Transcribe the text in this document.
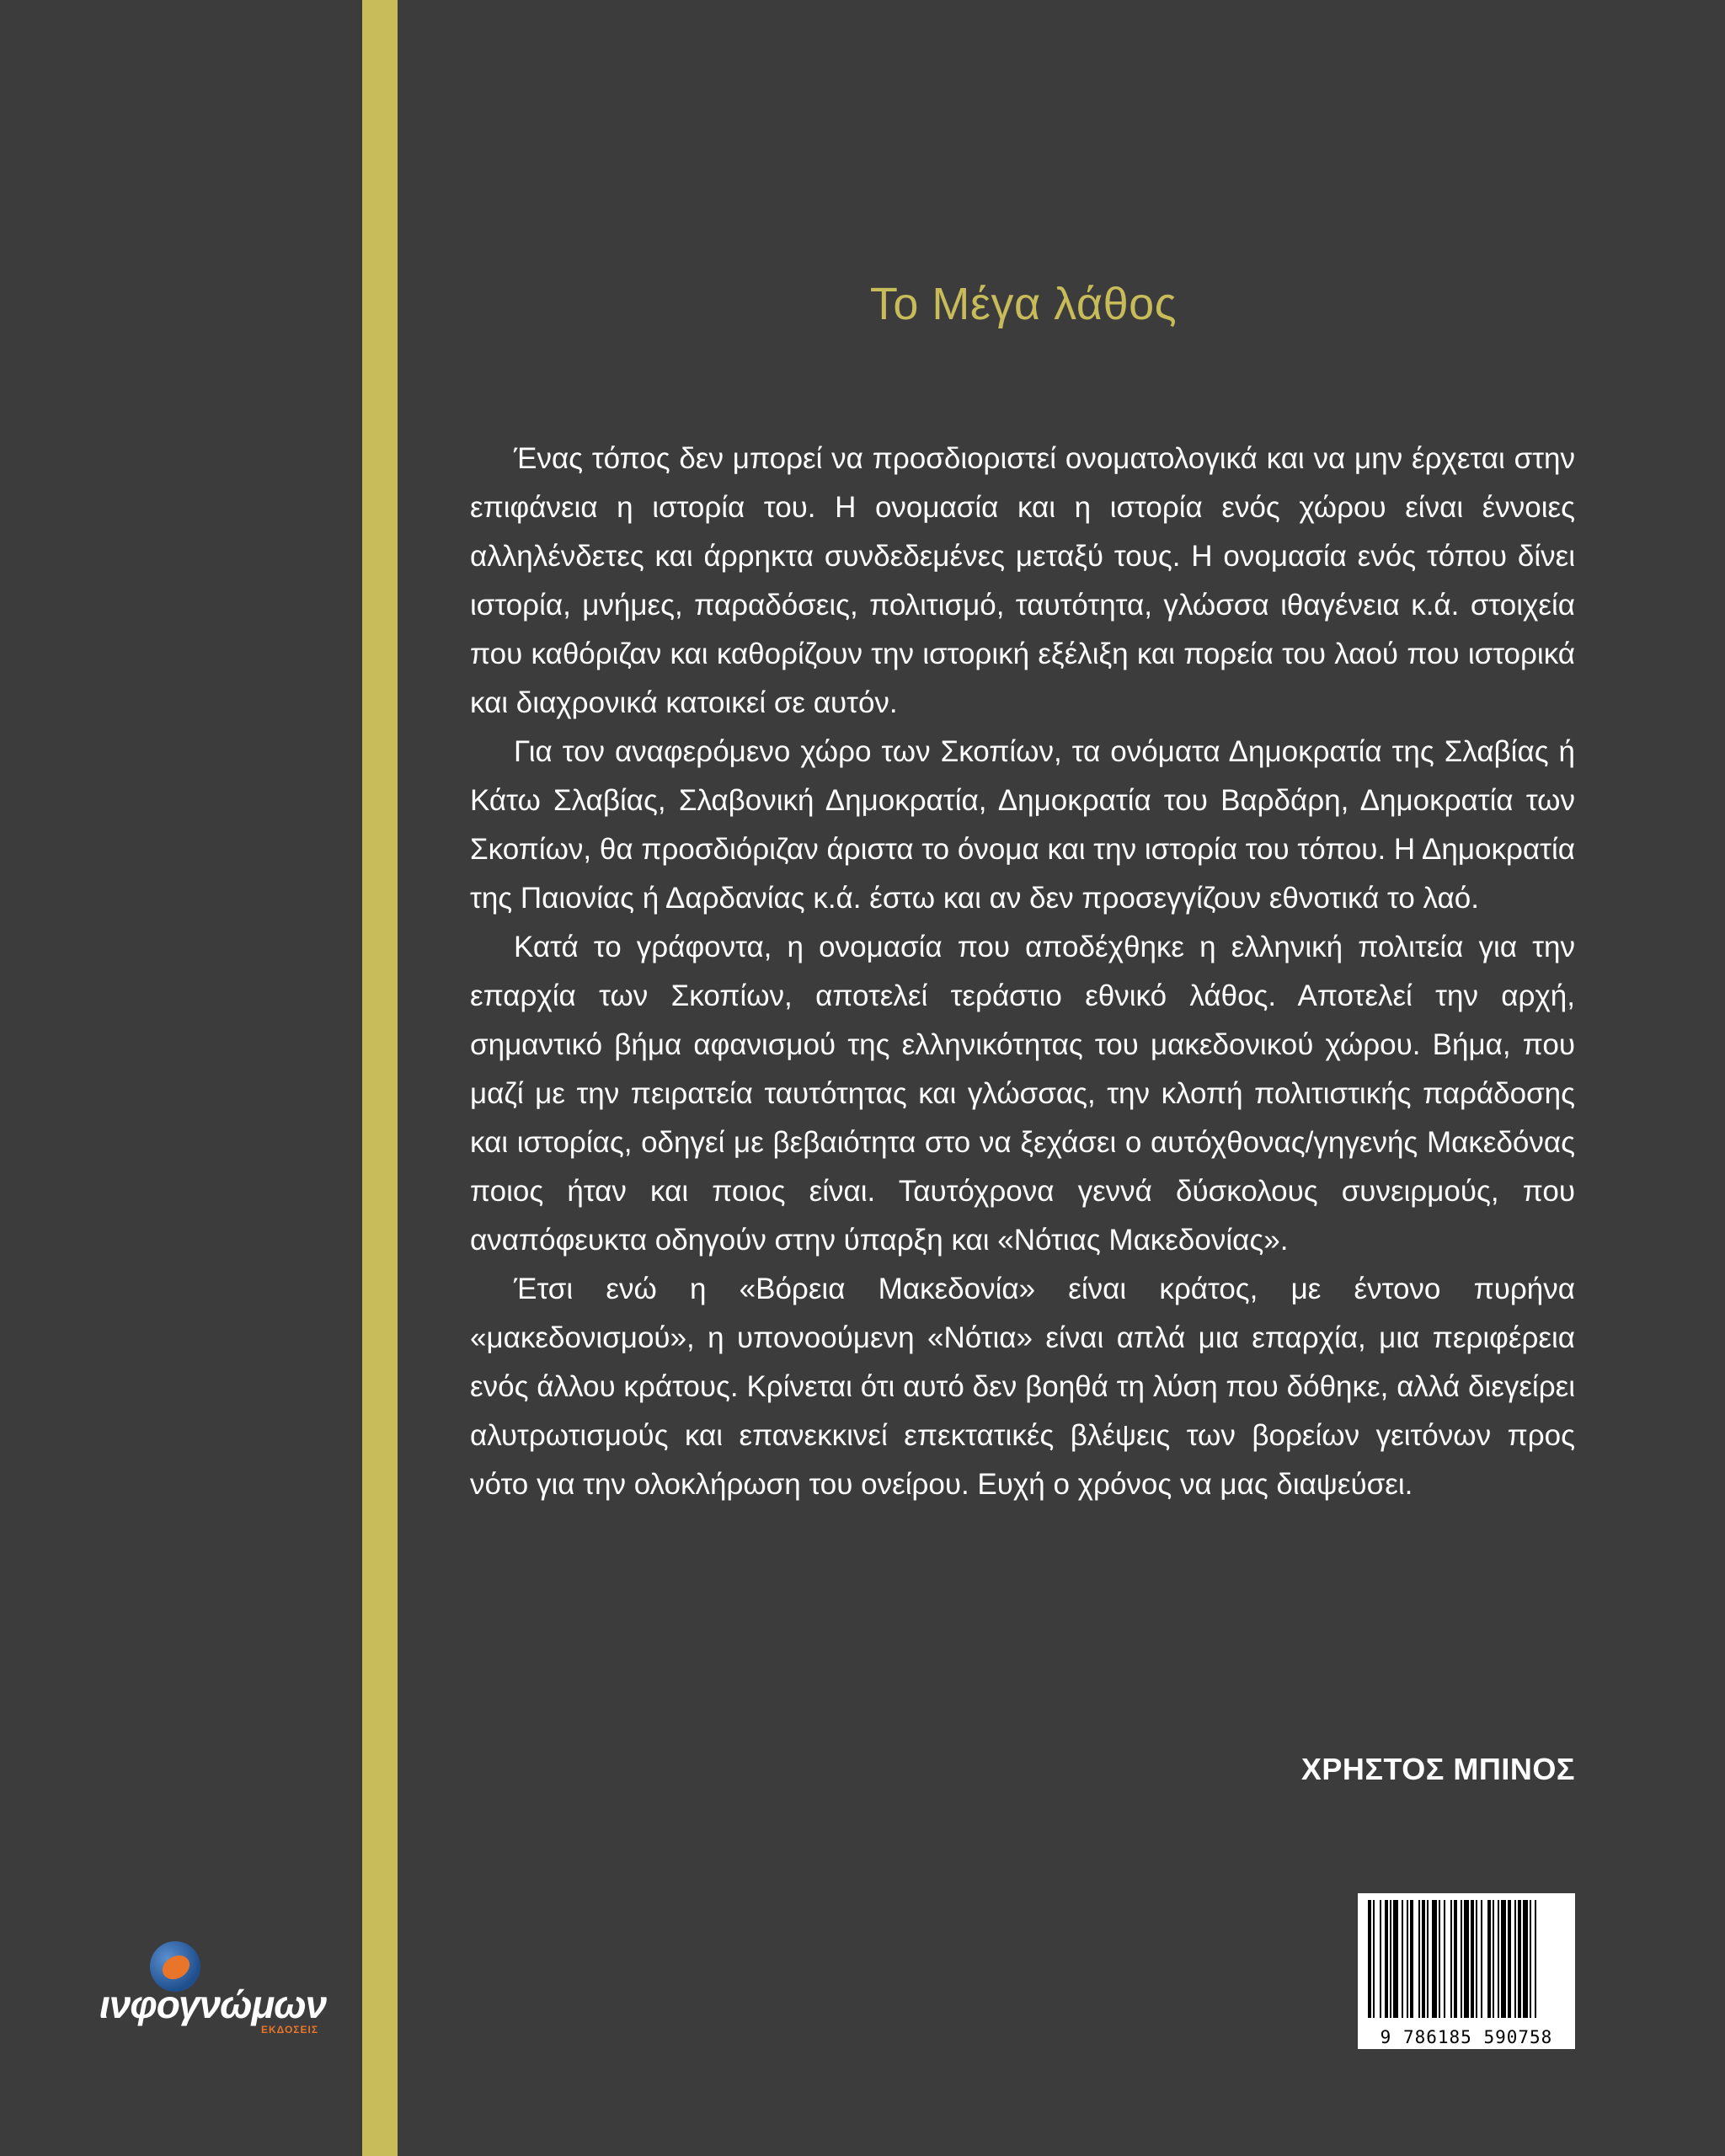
Το Μέγα λάθος

Ένας τόπος δεν μπορεί να προσδιοριστεί ονοματολογικά και να μην έρχεται στην επιφάνεια η ιστορία του. Η ονομασία και η ιστορία ενός χώρου είναι έννοιες αλληλένδετες και άρρηκτα συνδεδεμένες μεταξύ τους. Η ονομασία ενός τόπου δίνει ιστορία, μνήμες, παραδόσεις, πολιτισμό, ταυτότητα, γλώσσα ιθαγένεια κ.ά. στοιχεία που καθόριζαν και καθορίζουν την ιστορική εξέλιξη και πορεία του λαού που ιστορικά και διαχρονικά κατοικεί σε αυτόν.

Για τον αναφερόμενο χώρο των Σκοπίων, τα ονόματα Δημοκρατία της Σλαβίας ή Κάτω Σλαβίας, Σλαβονική Δημοκρατία, Δημοκρατία του Βαρδάρη, Δημοκρατία των Σκοπίων, θα προσδιόριζαν άριστα το όνομα και την ιστορία του τόπου. Η Δημοκρατία της Παιονίας ή Δαρδανίας κ.ά. έστω και αν δεν προσεγγίζουν εθνοτικά το λαό.

Κατά το γράφοντα, η ονομασία που αποδέχθηκε η ελληνική πολιτεία για την επαρχία των Σκοπίων, αποτελεί τεράστιο εθνικό λάθος. Αποτελεί την αρχή, σημαντικό βήμα αφανισμού της ελληνικότητας του μακεδονικού χώρου. Βήμα, που μαζί με την πειρατεία ταυτότητας και γλώσσας, την κλοπή πολιτιστικής παράδοσης και ιστορίας, οδηγεί με βεβαιότητα στο να ξεχάσει ο αυτόχθονας/γηγενής Μακεδόνας ποιος ήταν και ποιος είναι. Ταυτόχρονα γεννά δύσκολους συνειρμούς, που αναπόφευκτα οδηγούν στην ύπαρξη και «Νότιας Μακεδονίας».

Έτσι ενώ η «Βόρεια Μακεδονία» είναι κράτος, με έντονο πυρήνα «μακεδονισμού», η υπονοούμενη «Νότια» είναι απλά μια επαρχία, μια περιφέρεια ενός άλλου κράτους. Κρίνεται ότι αυτό δεν βοηθά τη λύση που δόθηκε, αλλά διεγείρει αλυτρωτισμούς και επανεκκινεί επεκτατικές βλέψεις των βορείων γειτόνων προς νότο για την ολοκλήρωση του ονείρου. Ευχή ο χρόνος να μας διαψεύσει.

ΧΡΗΣΤΟΣ ΜΠΙΝΟΣ
ινφογνώμων
ΕΚΔΟΣΕΙΣ	9 786185 590758
